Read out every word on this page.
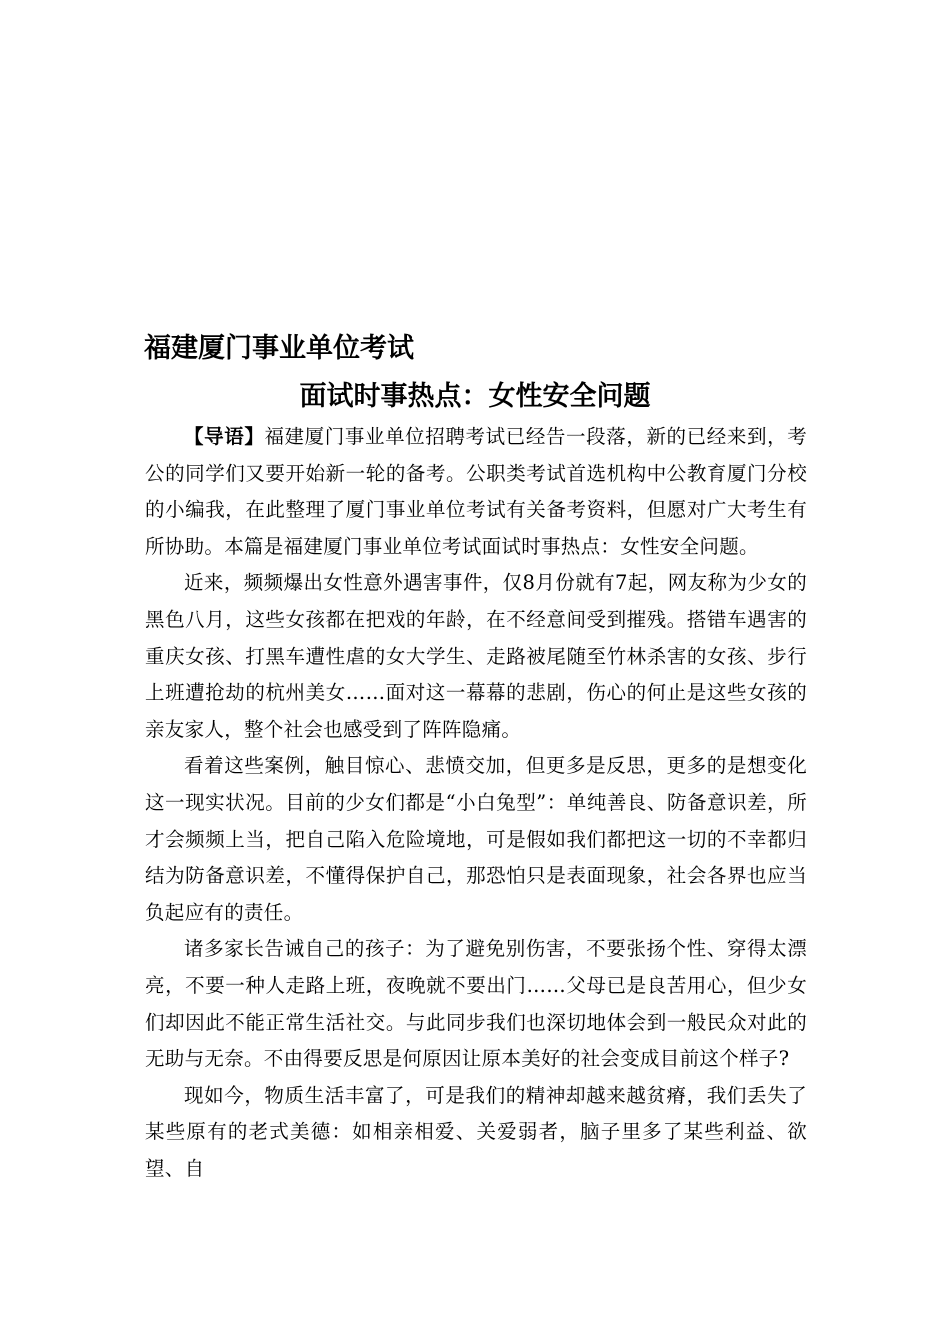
福建厦门事业单位考试
面试时事热点：女性安全问题

【导语】福建厦门事业单位招聘考试已经告一段落，新的已经来到，考公的同学们又要开始新一轮的备考。公职类考试首选机构中公教育厦门分校的小编我，在此整理了厦门事业单位考试有关备考资料，但愿对广大考生有所协助。本篇是福建厦门事业单位考试面试时事热点：女性安全问题。

近来，频频爆出女性意外遇害事件，仅8月份就有7起，网友称为少女的黑色八月，这些女孩都在把戏的年龄，在不经意间受到摧残。搭错车遇害的重庆女孩、打黑车遭性虐的女大学生、走路被尾随至竹林杀害的女孩、步行上班遭抢劫的杭州美女……面对这一幕幕的悲剧，伤心的何止是这些女孩的亲友家人，整个社会也感受到了阵阵隐痛。

看着这些案例，触目惊心、悲愤交加，但更多是反思，更多的是想变化这一现实状况。目前的少女们都是“小白兔型”：单纯善良、防备意识差，所才会频频上当，把自己陷入危险境地，可是假如我们都把这一切的不幸都归结为防备意识差，不懂得保护自己，那恐怕只是表面现象，社会各界也应当负起应有的责任。

诸多家长告诫自己的孩子：为了避免别伤害，不要张扬个性、穿得太漂亮，不要一种人走路上班，夜晚就不要出门……父母已是良苦用心，但少女们却因此不能正常生活社交。与此同步我们也深切地体会到一般民众对此的无助与无奈。不由得要反思是何原因让原本美好的社会变成目前这个样子?

现如今，物质生活丰富了，可是我们的精神却越来越贫瘠，我们丢失了某些原有的老式美德：如相亲相爱、关爱弱者，脑子里多了某些利益、欲望、自
